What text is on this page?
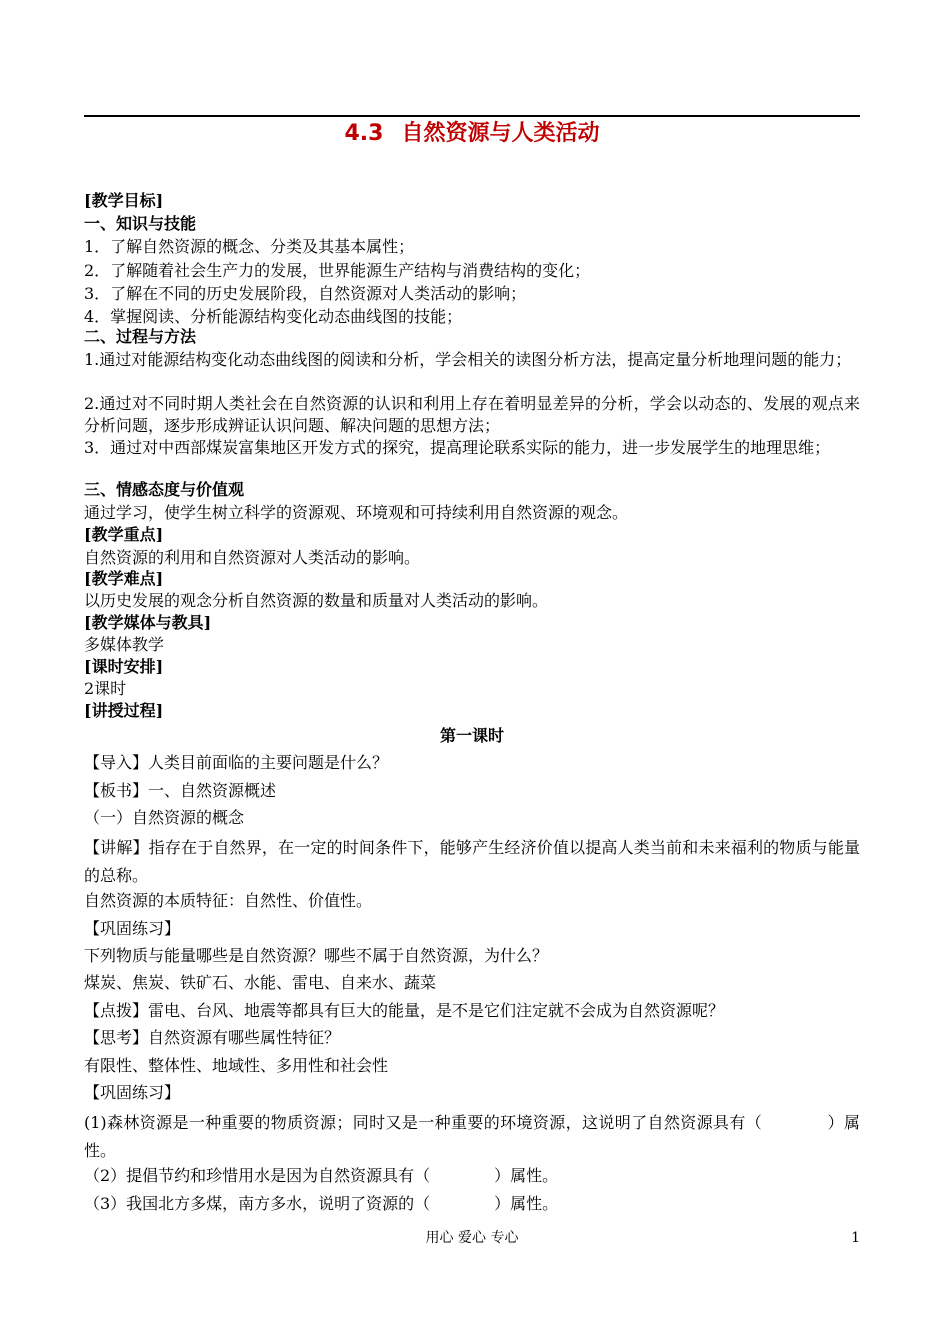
4.3 自然资源与人类活动
[教学目标]
一、知识与技能
1．了解自然资源的概念、分类及其基本属性；
2．了解随着社会生产力的发展，世界能源生产结构与消费结构的变化；
3．了解在不同的历史发展阶段，自然资源对人类活动的影响；
4．掌握阅读、分析能源结构变化动态曲线图的技能；
二、过程与方法
1.通过对能源结构变化动态曲线图的阅读和分析，学会相关的读图分析方法，提高定量分析地理问题的能力；
2.通过对不同时期人类社会在自然资源的认识和利用上存在着明显差异的分析，学会以动态的、发展的观点来分析问题，逐步形成辨证认识问题、解决问题的思想方法；
3．通过对中西部煤炭富集地区开发方式的探究，提高理论联系实际的能力，进一步发展学生的地理思维；
三、情感态度与价值观
通过学习，使学生树立科学的资源观、环境观和可持续利用自然资源的观念。
[教学重点]
自然资源的利用和自然资源对人类活动的影响。
[教学难点]
以历史发展的观念分析自然资源的数量和质量对人类活动的影响。
[教学媒体与教具]
多媒体教学
[课时安排]
2课时
[讲授过程]
第一课时
【导入】人类目前面临的主要问题是什么？
【板书】一、自然资源概述
（一）自然资源的概念
【讲解】指存在于自然界，在一定的时间条件下，能够产生经济价值以提高人类当前和未来福利的物质与能量的总称。
自然资源的本质特征：自然性、价值性。
【巩固练习】
下列物质与能量哪些是自然资源？哪些不属于自然资源，为什么？
煤炭、焦炭、铁矿石、水能、雷电、自来水、蔬菜
【点拨】雷电、台风、地震等都具有巨大的能量，是不是它们注定就不会成为自然资源呢？
【思考】自然资源有哪些属性特征？
有限性、整体性、地域性、多用性和社会性
【巩固练习】
(1)森林资源是一种重要的物质资源；同时又是一种重要的环境资源，这说明了自然资源具有（　　　　）属性。
（2）提倡节约和珍惜用水是因为自然资源具有（　　　　）属性。
（3）我国北方多煤，南方多水，说明了资源的（　　　　）属性。
用心 爱心 专心	1
